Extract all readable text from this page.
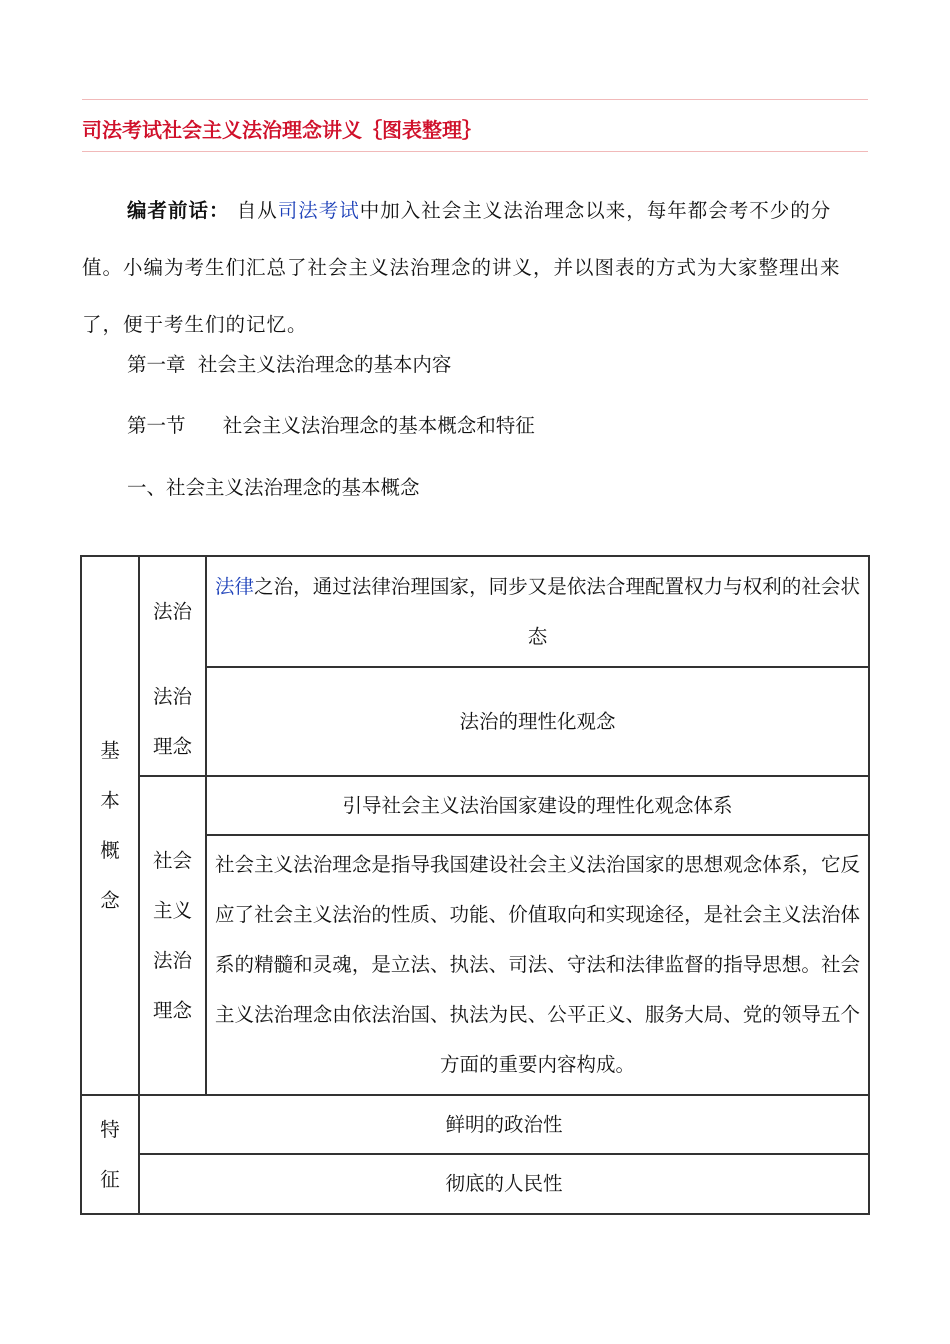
司法考试社会主义法治理念讲义｛图表整理｝
编者前话： 自从司法考试中加入社会主义法治理念以来，每年都会考不少的分值。小编为考生们汇总了社会主义法治理念的讲义，并以图表的方式为大家整理出来了，便于考生们的记忆。
第一章  社会主义法治理念的基本内容
第一节      社会主义法治理念的基本概念和特征
一、社会主义法治理念的基本概念
基
本
概
念
法治
法律之治，通过法律治理国家，同步又是依法合理配置权力与权利的社会状态
法治
理念
法治的理性化观念
社会
主义
法治
理念
引导社会主义法治国家建设的理性化观念体系
社会主义法治理念是指导我国建设社会主义法治国家的思想观念体系，它反应了社会主义法治的性质、功能、价值取向和实现途径，是社会主义法治体系的精髓和灵魂，是立法、执法、司法、守法和法律监督的指导思想。社会主义法治理念由依法治国、执法为民、公平正义、服务大局、党的领导五个方面的重要内容构成。
特
征
鲜明的政治性
彻底的人民性
